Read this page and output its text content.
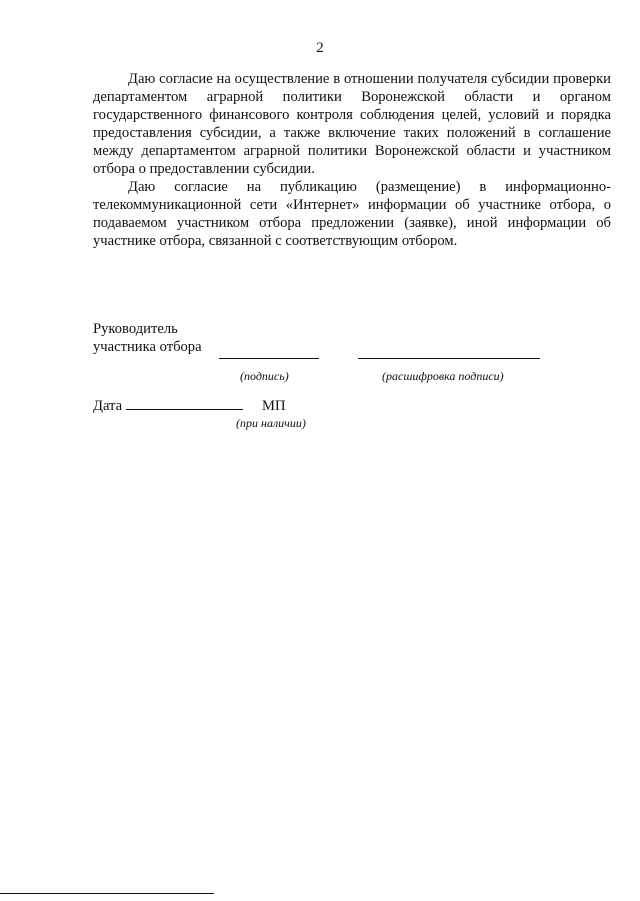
2

Даю согласие на осуществление в отношении получателя субсидии проверки департаментом аграрной политики Воронежской области и органом государственного финансового контроля соблюдения целей, условий и порядка предоставления субсидии, а также включение таких положений в соглашение между департаментом аграрной политики Воронежской области и участником отбора о предоставлении субсидии.

Даю согласие на публикацию (размещение) в информационно-телекоммуникационной сети «Интернет» информации об участнике отбора, о подаваемом участником отбора предложении (заявке), иной информации об участнике отбора, связанной с соответствующим отбором.

Руководитель
участника отбора
(подпись)	(расшифровка подписи)
Дата	МП
(при наличии)
